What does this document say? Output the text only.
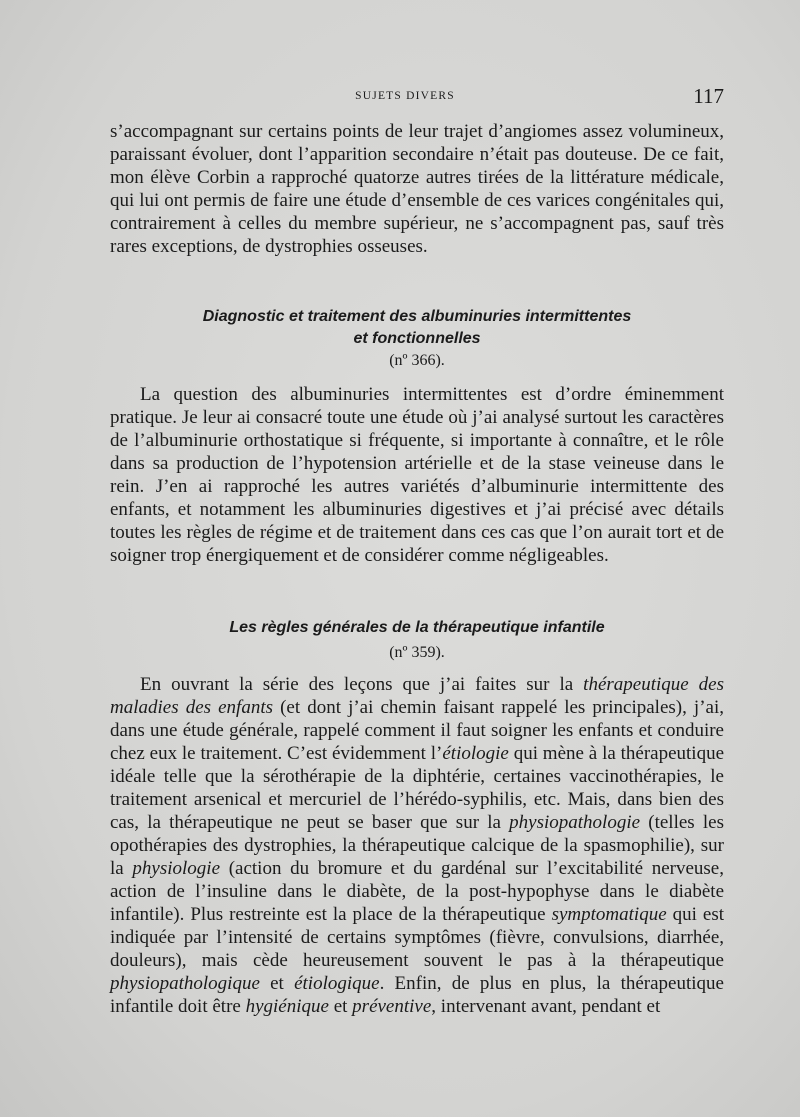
SUJETS DIVERS	117
s’accompagnant sur certains points de leur trajet d’angiomes assez volumineux, paraissant évoluer, dont l’apparition secondaire n’était pas douteuse. De ce fait, mon élève Corbin a rapproché quatorze autres tirées de la littérature médicale, qui lui ont permis de faire une étude d’ensemble de ces varices congénitales qui, contrairement à celles du membre supérieur, ne s’accompagnent pas, sauf très rares exceptions, de dystrophies osseuses.
Diagnostic et traitement des albuminuries intermittentes
et fonctionnelles
(nº 366).
La question des albuminuries intermittentes est d’ordre éminemment pratique. Je leur ai consacré toute une étude où j’ai analysé surtout les caractères de l’albuminurie orthostatique si fréquente, si importante à connaître, et le rôle dans sa production de l’hypotension artérielle et de la stase veineuse dans le rein. J’en ai rapproché les autres variétés d’albuminurie intermittente des enfants, et notamment les albuminuries digestives et j’ai précisé avec détails toutes les règles de régime et de traitement dans ces cas que l’on aurait tort et de soigner trop énergiquement et de considérer comme négligeables.
Les règles générales de la thérapeutique infantile
(nº 359).
En ouvrant la série des leçons que j’ai faites sur la thérapeutique des maladies des enfants (et dont j’ai chemin faisant rappelé les principales), j’ai, dans une étude générale, rappelé comment il faut soigner les enfants et conduire chez eux le traitement. C’est évidemment l’étiologie qui mène à la thérapeutique idéale telle que la sérothérapie de la diphtérie, certaines vaccinothérapies, le traitement arsenical et mercuriel de l’hérédo-syphilis, etc. Mais, dans bien des cas, la thérapeutique ne peut se baser que sur la physiopathologie (telles les opothérapies des dystrophies, la thérapeutique calcique de la spasmophilie), sur la physiologie (action du bromure et du gardénal sur l’excitabilité nerveuse, action de l’insuline dans le diabète, de la post-hypophyse dans le diabète infantile). Plus restreinte est la place de la thérapeutique symptomatique qui est indiquée par l’intensité de certains symptômes (fièvre, convulsions, diarrhée, douleurs), mais cède heureusement souvent le pas à la thérapeutique physiopathologique et étiologique. Enfin, de plus en plus, la thérapeutique infantile doit être hygiénique et préventive, intervenant avant, pendant et
